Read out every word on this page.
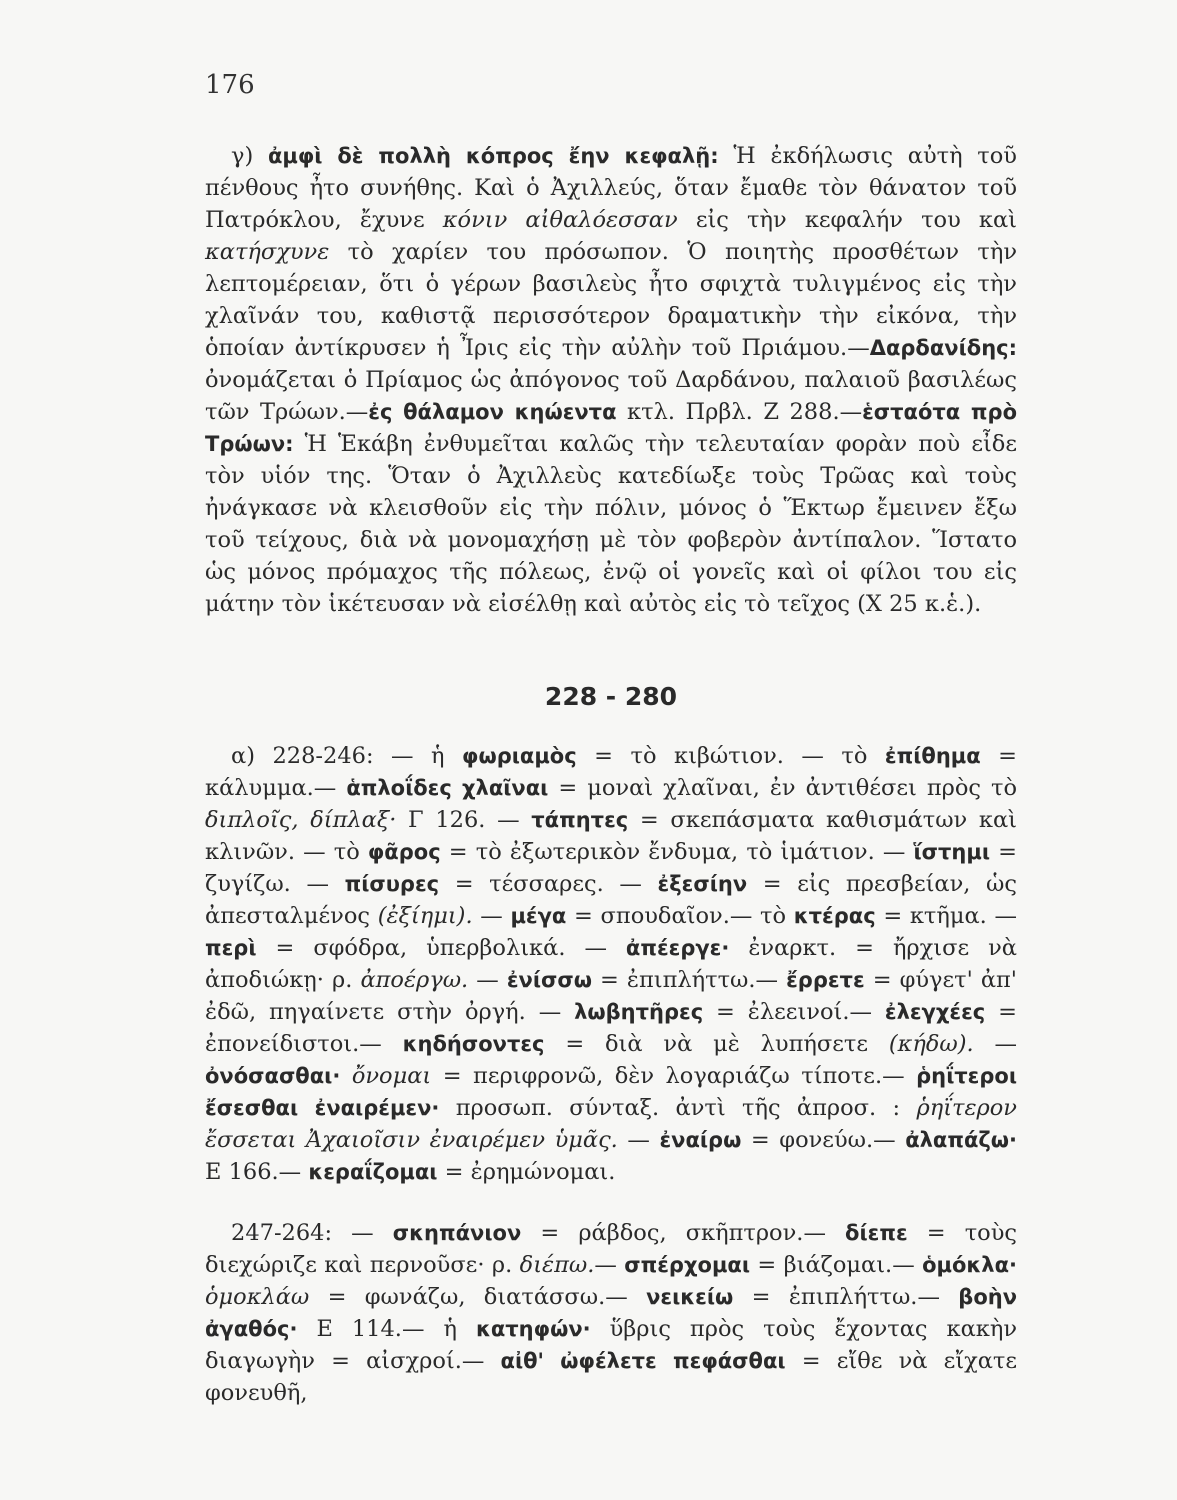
176

γ) ἀμφὶ δὲ πολλὴ κόπρος ἔην κεφαλῇ: Ἡ ἐκδήλωσις αὐτὴ τοῦ πένθους ἦτο συνήθης. Καὶ ὁ Ἀχιλλεύς, ὅταν ἔμαθε τὸν θάνατον τοῦ Πατρόκλου, ἔχυνε κόνιν αἰθαλόεσσαν εἰς τὴν κεφαλήν του καὶ κατήσχυνε τὸ χαρίεν του πρόσωπον. Ὁ ποιητὴς προσθέτων τὴν λεπτομέρειαν, ὅτι ὁ γέρων βασιλεὺς ἦτο σφιχτὰ τυλιγμένος εἰς τὴν χλαῖνάν του, καθιστᾷ περισσότερον δραματικὴν τὴν εἰκόνα, τὴν ὁποίαν ἀντίκρυσεν ἡ Ἶρις εἰς τὴν αὐλὴν τοῦ Πριάμου.—Δαρδανίδης: ὀνομάζεται ὁ Πρίαμος ὡς ἀπόγονος τοῦ Δαρδάνου, παλαιοῦ βασιλέως τῶν Τρώων.—ἐς θάλαμον κηώεντα κτλ. Πρβλ. Ζ 288.—ἑσταότα πρὸ Τρώων: Ἡ Ἑκάβη ἐνθυμεῖται καλῶς τὴν τελευταίαν φορὰν ποὺ εἶδε τὸν υἱόν της. Ὅταν ὁ Ἀχιλλεὺς κατεδίωξε τοὺς Τρῶας καὶ τοὺς ἠνάγκασε νὰ κλεισθοῦν εἰς τὴν πόλιν, μόνος ὁ Ἕκτωρ ἔμεινεν ἔξω τοῦ τείχους, διὰ νὰ μονομαχήσῃ μὲ τὸν φοβερὸν ἀντίπαλον. Ἵστατο ὡς μόνος πρόμαχος τῆς πόλεως, ἐνῷ οἱ γονεῖς καὶ οἱ φίλοι του εἰς μάτην τὸν ἱκέτευσαν νὰ εἰσέλθῃ καὶ αὐτὸς εἰς τὸ τεῖχος (Χ 25 κ.ἑ.).

228 - 280

α) 228-246: — ἡ φωριαμὸς = τὸ κιβώτιον. — τὸ ἐπίθημα = κάλυμμα.— ἁπλοΐδες χλαῖναι = μοναὶ χλαῖναι, ἐν ἀντιθέσει πρὸς τὸ διπλοῖς, δίπλαξ· Γ 126. — τάπητες = σκεπάσματα καθισμάτων καὶ κλινῶν. — τὸ φᾶρος = τὸ ἐξωτερικὸν ἔνδυμα, τὸ ἱμάτιον. — ἵστημι = ζυγίζω. — πίσυρες = τέσσαρες. — ἐξεσίην = εἰς πρεσβείαν, ὡς ἀπεσταλμένος (ἐξίημι). — μέγα = σπουδαῖον.— τὸ κτέρας = κτῆμα. — περὶ = σφόδρα, ὑπερβολικά. — ἀπέεργε· ἐναρκτ. = ἤρχισε νὰ ἀποδιώκῃ· ρ. ἀποέργω. — ἐνίσσω = ἐπιπλήττω.— ἔρρετε = φύγετ' ἀπ' ἐδῶ, πηγαίνετε στὴν ὀργή. — λωβητῆρες = ἐλεεινοί.— ἐλεγχέες = ἐπονείδιστοι.— κηδήσοντες = διὰ νὰ μὲ λυπήσετε (κήδω). — ὀνόσασθαι· ὄνομαι = περιφρονῶ, δὲν λογαριάζω τίποτε.— ῥηΐτεροι ἔσεσθαι ἐναιρέμεν· προσωπ. σύνταξ. ἀντὶ τῆς ἀπροσ. : ῥηΐτερον ἔσσεται Ἀχαιοῖσιν ἐναιρέμεν ὑμᾶς. — ἐναίρω = φονεύω.— ἀλαπάζω· Ε 166.— κεραΐζομαι = ἐρημώνομαι.

247-264: — σκηπάνιον = ράβδος, σκῆπτρον.— δίεπε = τοὺς διεχώριζε καὶ περνοῦσε· ρ. διέπω.— σπέρχομαι = βιάζομαι.— ὁμόκλα· ὁμοκλάω = φωνάζω, διατάσσω.— νεικείω = ἐπιπλήττω.— βοὴν ἀγαθός· Ε 114.— ἡ κατηφών· ὕβρις πρὸς τοὺς ἔχοντας κακὴν διαγωγὴν = αἰσχροί.— αἰθ' ὠφέλετε πεφάσθαι = εἴθε νὰ εἴχατε φονευθῆ,
